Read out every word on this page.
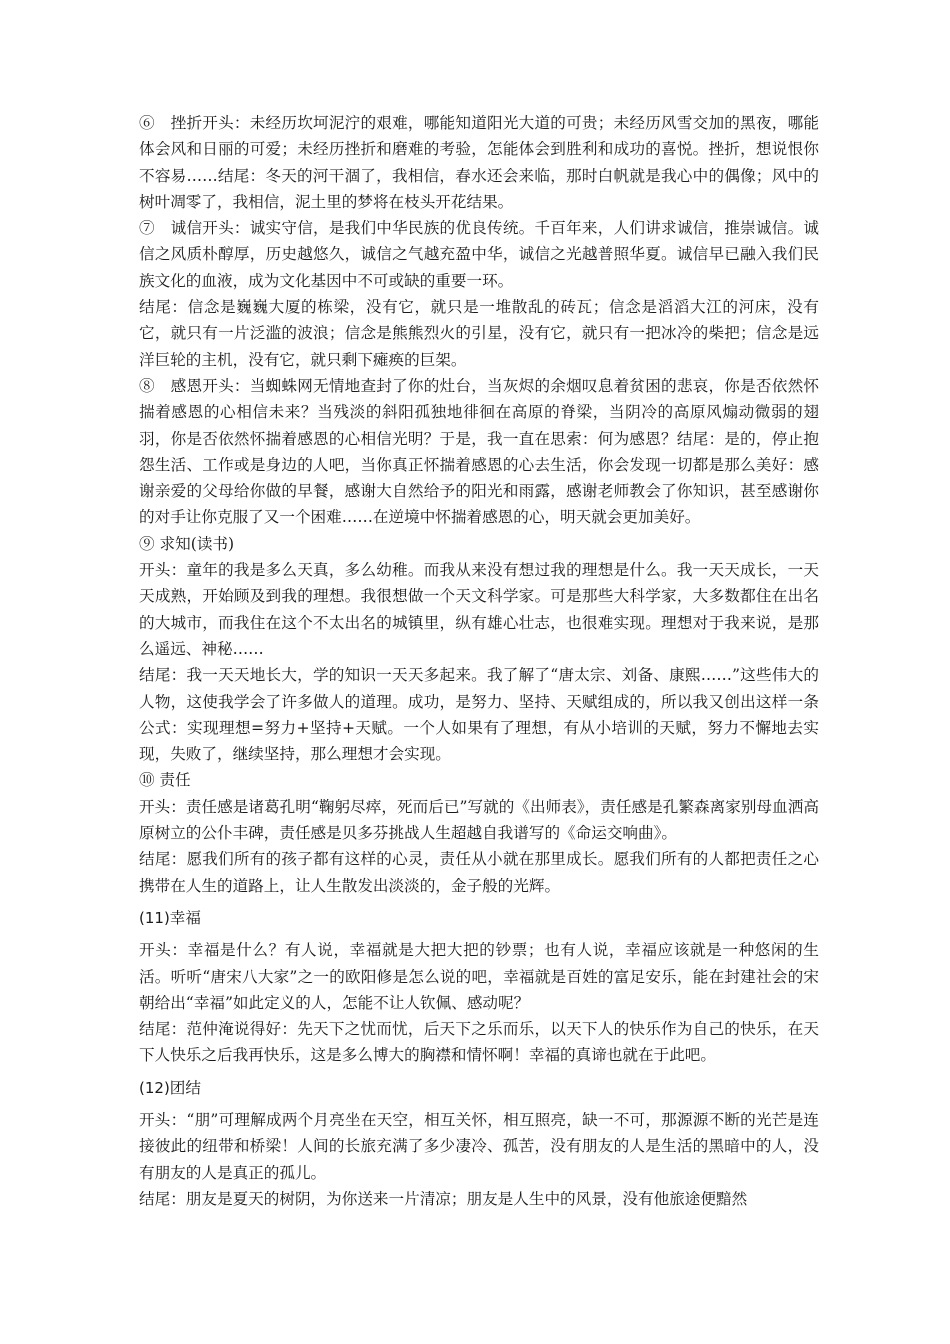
⑥　挫折开头：未经历坎坷泥泞的艰难，哪能知道阳光大道的可贵；未经历风雪交加的黑夜，哪能体会风和日丽的可爱；未经历挫折和磨难的考验，怎能体会到胜利和成功的喜悦。挫折，想说恨你不容易……结尾：冬天的河干涸了，我相信，春水还会来临，那时白帆就是我心中的偶像；风中的树叶凋零了，我相信，泥土里的梦将在枝头开花结果。

⑦　诚信开头：诚实守信，是我们中华民族的优良传统。千百年来，人们讲求诚信，推崇诚信。诚信之风质朴醇厚，历史越悠久，诚信之气越充盈中华，诚信之光越普照华夏。诚信早已融入我们民族文化的血液，成为文化基因中不可或缺的重要一环。

结尾：信念是巍巍大厦的栋梁，没有它，就只是一堆散乱的砖瓦；信念是滔滔大江的河床，没有它，就只有一片泛滥的波浪；信念是熊熊烈火的引星，没有它，就只有一把冰冷的柴把；信念是远洋巨轮的主机，没有它，就只剩下瘫痪的巨架。

⑧　感恩开头：当蜘蛛网无情地查封了你的灶台，当灰烬的余烟叹息着贫困的悲哀，你是否依然怀揣着感恩的心相信未来？当残淡的斜阳孤独地徘徊在高原的脊梁，当阴冷的高原风煽动微弱的翅羽，你是否依然怀揣着感恩的心相信光明？于是，我一直在思索：何为感恩？结尾：是的，停止抱怨生活、工作或是身边的人吧，当你真正怀揣着感恩的心去生活，你会发现一切都是那么美好：感谢亲爱的父母给你做的早餐，感谢大自然给予的阳光和雨露，感谢老师教会了你知识，甚至感谢你的对手让你克服了又一个困难……在逆境中怀揣着感恩的心，明天就会更加美好。

⑨ 求知(读书)

开头：童年的我是多么天真，多么幼稚。而我从来没有想过我的理想是什么。我一天天成长，一天天成熟，开始顾及到我的理想。我很想做一个天文科学家。可是那些大科学家，大多数都住在出名的大城市，而我住在这个不太出名的城镇里，纵有雄心壮志，也很难实现。理想对于我来说，是那么遥远、神秘……

结尾：我一天天地长大，学的知识一天天多起来。我了解了“唐太宗、刘备、康熙……”这些伟大的人物，这使我学会了许多做人的道理。成功，是努力、坚持、天赋组成的，所以我又创出这样一条公式：实现理想=努力+坚持+天赋。一个人如果有了理想，有从小培训的天赋，努力不懈地去实现，失败了，继续坚持，那么理想才会实现。

⑩ 责任

开头：责任感是诸葛孔明“鞠躬尽瘁，死而后已”写就的《出师表》，责任感是孔繁森离家别母血洒高原树立的公仆丰碑，责任感是贝多芬挑战人生超越自我谱写的《命运交响曲》。

结尾：愿我们所有的孩子都有这样的心灵，责任从小就在那里成长。愿我们所有的人都把责任之心携带在人生的道路上，让人生散发出淡淡的，金子般的光辉。

(11)幸福

开头：幸福是什么？有人说，幸福就是大把大把的钞票；也有人说，幸福应该就是一种悠闲的生活。听听“唐宋八大家”之一的欧阳修是怎么说的吧，幸福就是百姓的富足安乐，能在封建社会的宋朝给出“幸福”如此定义的人，怎能不让人钦佩、感动呢？

结尾：范仲淹说得好：先天下之忧而忧，后天下之乐而乐，以天下人的快乐作为自己的快乐，在天下人快乐之后我再快乐，这是多么博大的胸襟和情怀啊！幸福的真谛也就在于此吧。

(12)团结

开头：“朋”可理解成两个月亮坐在天空，相互关怀，相互照亮，缺一不可，那源源不断的光芒是连接彼此的纽带和桥梁！人间的长旅充满了多少凄冷、孤苦，没有朋友的人是生活的黑暗中的人，没有朋友的人是真正的孤儿。

结尾：朋友是夏天的树阴，为你送来一片清凉；朋友是人生中的风景，没有他旅途便黯然
